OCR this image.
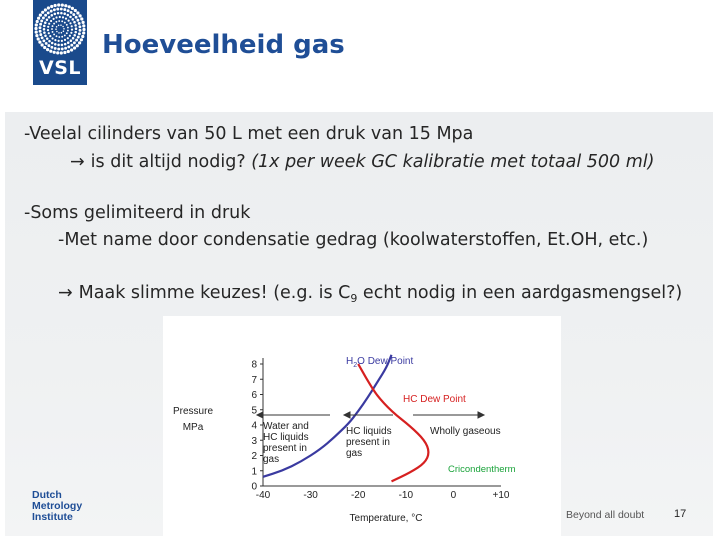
VSL
Hoeveelheid gas
-Veelal cilinders van 50 L met een druk van 15 Mpa
→ is dit altijd nodig? (1x per week GC kalibratie met totaal 500 ml)
-Soms gelimiteerd in druk
-Met name door condensatie gedrag (koolwaterstoffen, Et.OH, etc.)
→ Maak slimme keuzes! (e.g. is $C_9$ echt nodig in een aardgasmengsel?)
0
1
2
3
4
5
6
7
8
-40	-30	-20	-10	0	+10
Pressure
MPa
Temperature, °C
$H_2O$ Dew Point
HC Dew Point
Cricondentherm
Wholly gaseous
Water and
HC liquids
present in
gas
HC liquids
present in
gas
Dutch
Metrology
Institute	Beyond all doubt	17
